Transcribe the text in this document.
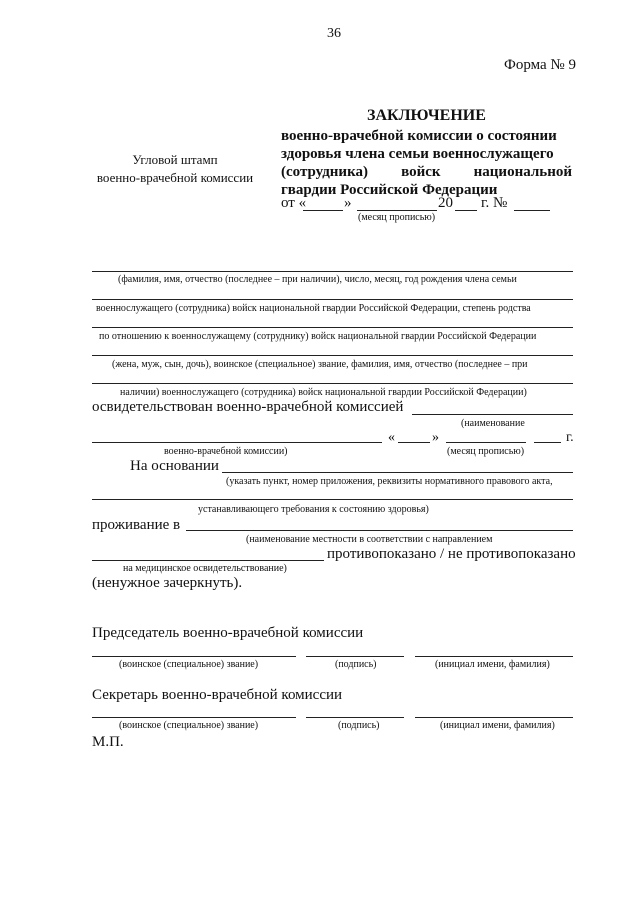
36
Форма № 9
Угловой штамп
военно-врачебной комиссии
ЗАКЛЮЧЕНИЕ
военно-врачебной комиссии о состоянии
здоровья члена семьи военнослужащего
(сотрудника) войск национальной
гвардии Российской Федерации
от «	»	20 г. №
(месяц прописью)
(фамилия, имя, отчество (последнее – при наличии), число, месяц, год рождения члена семьи
военнослужащего (сотрудника) войск национальной гвардии Российской Федерации, степень родства
по отношению к военнослужащему (сотруднику) войск национальной гвардии Российской Федерации
(жена, муж, сын, дочь), воинское (специальное) звание, фамилия, имя, отчество (последнее – при
наличии) военнослужащего (сотрудника) войск национальной гвардии Российской Федерации)
освидетельствован военно-врачебной комиссией
(наименование
«	»	г.
военно-врачебной комиссии)	(месяц прописью)
На основании
(указать пункт, номер приложения, реквизиты нормативного правового акта,
устанавливающего требования к состоянию здоровья)
проживание в
(наименование местности в соответствии с направлением
противопоказано / не противопоказано
на медицинское освидетельствование)
(ненужное зачеркнуть).
Председатель военно-врачебной комиссии
(воинское (специальное) звание)	(подпись)	(инициал имени, фамилия)
Секретарь военно-врачебной комиссии
(воинское (специальное) звание)	(подпись)	(инициал имени, фамилия)
М.П.
